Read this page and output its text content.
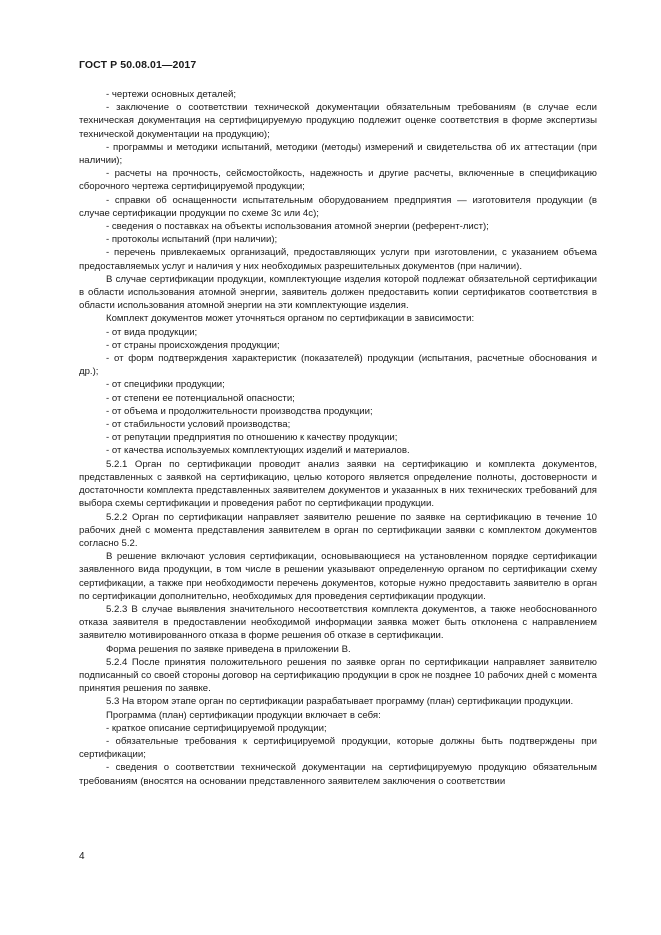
ГОСТ Р 50.08.01—2017

- чертежи основных деталей;

- заключение о соответствии технической документации обязательным требованиям (в случае если техническая документация на сертифицируемую продукцию подлежит оценке соответствия в форме экспертизы технической документации на продукцию);

- программы и методики испытаний, методики (методы) измерений и свидетельства об их аттестации (при наличии);

- расчеты на прочность, сейсмостойкость, надежность и другие расчеты, включенные в спецификацию сборочного чертежа сертифицируемой продукции;

- справки об оснащенности испытательным оборудованием предприятия — изготовителя продукции (в случае сертификации продукции по схеме 3с или 4с);

- сведения о поставках на объекты использования атомной энергии (референт-лист);

- протоколы испытаний (при наличии);

- перечень привлекаемых организаций, предоставляющих услуги при изготовлении, с указанием объема предоставляемых услуг и наличия у них необходимых разрешительных документов (при наличии).

В случае сертификации продукции, комплектующие изделия которой подлежат обязательной сертификации в области использования атомной энергии, заявитель должен предоставить копии сертификатов соответствия в области использования атомной энергии на эти комплектующие изделия.

Комплект документов может уточняться органом по сертификации в зависимости:

- от вида продукции;

- от страны происхождения продукции;

- от форм подтверждения характеристик (показателей) продукции (испытания, расчетные обоснования и др.);

- от специфики продукции;

- от степени ее потенциальной опасности;

- от объема и продолжительности производства продукции;

- от стабильности условий производства;

- от репутации предприятия по отношению к качеству продукции;

- от качества используемых комплектующих изделий и материалов.

5.2.1 Орган по сертификации проводит анализ заявки на сертификацию и комплекта документов, представленных с заявкой на сертификацию, целью которого является определение полноты, достоверности и достаточности комплекта представленных заявителем документов и указанных в них технических требований для выбора схемы сертификации и проведения работ по сертификации продукции.

5.2.2 Орган по сертификации направляет заявителю решение по заявке на сертификацию в течение 10 рабочих дней с момента представления заявителем в орган по сертификации заявки с комплектом документов согласно 5.2.

В решение включают условия сертификации, основывающиеся на установленном порядке сертификации заявленного вида продукции, в том числе в решении указывают определенную органом по сертификации схему сертификации, а также при необходимости перечень документов, которые нужно предоставить заявителю в орган по сертификации дополнительно, необходимых для проведения сертификации продукции.

5.2.3 В случае выявления значительного несоответствия комплекта документов, а также необоснованного отказа заявителя в предоставлении необходимой информации заявка может быть отклонена с направлением заявителю мотивированного отказа в форме решения об отказе в сертификации.

Форма решения по заявке приведена в приложении В.

5.2.4 После принятия положительного решения по заявке орган по сертификации направляет заявителю подписанный со своей стороны договор на сертификацию продукции в срок не позднее 10 рабочих дней с момента принятия решения по заявке.

5.3 На втором этапе орган по сертификации разрабатывает программу (план) сертификации продукции.

Программа (план) сертификации продукции включает в себя:

- краткое описание сертифицируемой продукции;

- обязательные требования к сертифицируемой продукции, которые должны быть подтверждены при сертификации;

- сведения о соответствии технической документации на сертифицируемую продукцию обязательным требованиям (вносятся на основании представленного заявителем заключения о соответствии

4
